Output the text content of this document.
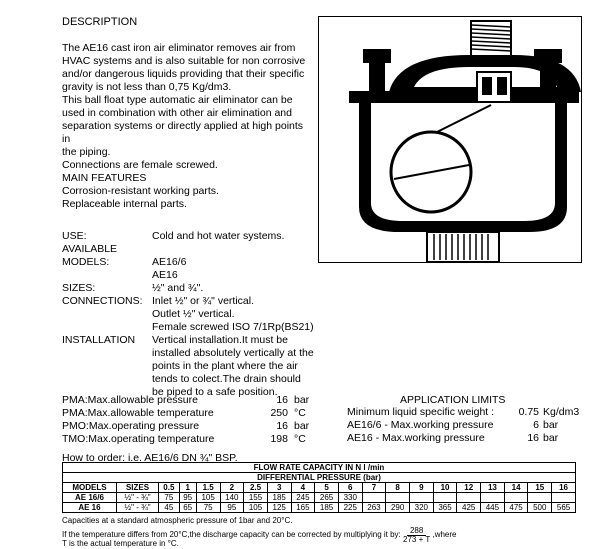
DESCRIPTION

The AE16 cast iron air eliminator removes air from

HVAC systems and is also suitable for non corrosive

and/or dangerous liquids providing that their specific

gravity is not less than 0,75 Kg/dm3.

This ball float type automatic air eliminator can be

used in combination with other air elimination and

separation systems or directly applied at high points in

the piping.

Connections are female screwed.

MAIN FEATURES

Corrosion-resistant working parts.

Replaceable internal parts.

USE:	Cold and hot water systems.
AVAILABLE
MODELS:	AE16/6
AE16
SIZES:	½" and ¾".
CONNECTIONS: Inlet ½" or ¾" vertical.
Outlet ½" vertical.
Female screwed ISO 7/1Rp(BS21)
INSTALLATION	Vertical installation.It must be
installed absolutely vertically at the
points in the plant where the air
tends to colect.The drain should
be piped to a safe position.
PMA:Max.allowable pressure	16 bar
PMA:Max.allowable temperature	250 °C
PMO:Max.operating pressure	16 bar
TMO:Max.operating temperature	198 °C
APPLICATION LIMITS
Minimum liquid specific weight :	0.75 Kg/dm3
AE16/6 - Max.working pressure	6 bar
AE16 - Max.working pressure	16 bar
How to order: i.e. AE16/6 DN ¾" BSP.
FLOW RATE CAPACITY IN N l /min																			
DIFFERENTIAL PRESSURE (bar)																			
MODELS	SIZES	0.5	1	1.5	2	2.5	3	4	5	6	7	8	9	10	12	13	14	15	16
AE 16/6	½" - ¾"	75	95	105	140	155	185	245	265	330									
AE 16	½" - ¾"	45	65	75	95	105	125	165	185	225	263	290	320	365	425	445	475	500	565
Capacities at a standard atmospheric pressure of 1bar and 20°C.
If the temperature differs from 20°C,the discharge capacity can be corrected by multiplying it by: $\frac{288}{273 + T}$ ,where
T is the actual temperature in °C.
